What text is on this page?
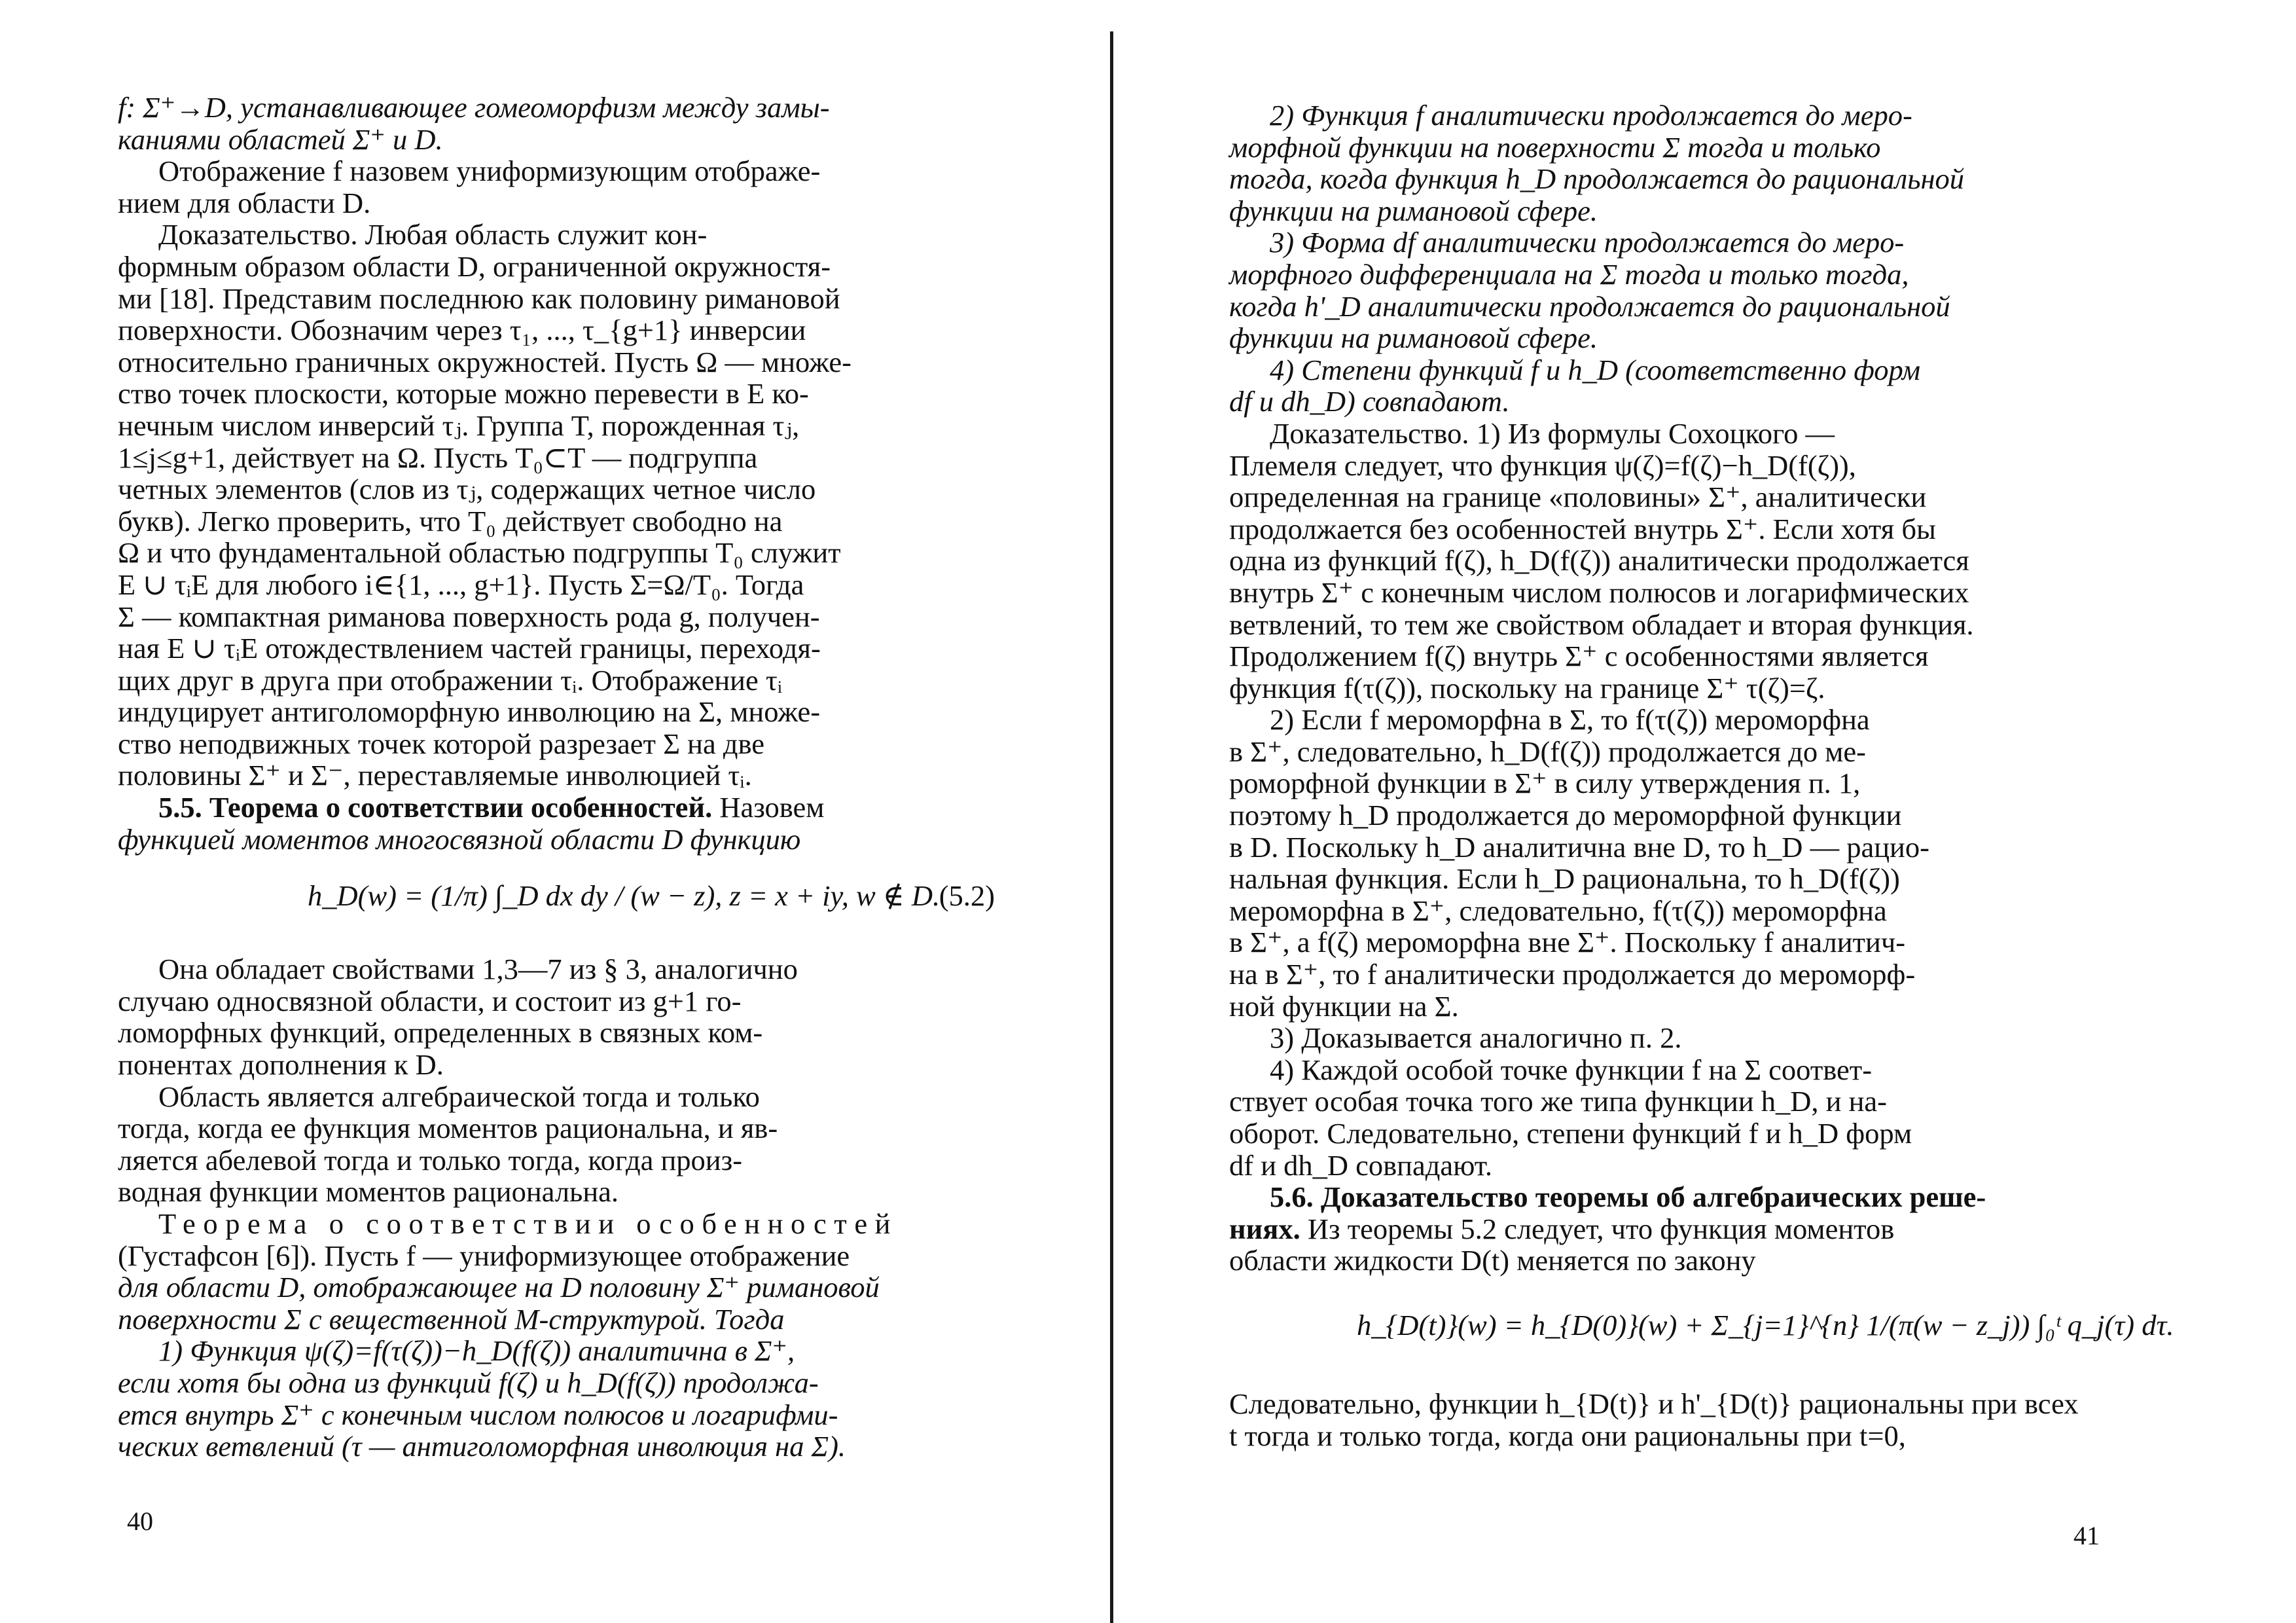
f: Σ⁺→D, устанавливающее гомеоморфизм между замы-
каниями областей Σ⁺ и D.
Отображение f назовем униформизующим отображе-
нием для области D.
Доказательство. Любая область служит кон-
формным образом области D, ограниченной окружностя-
ми [18]. Представим последнюю как половину римановой
поверхности. Обозначим через τ₁, ..., τ_{g+1} инверсии
относительно граничных окружностей. Пусть Ω — множе-
ство точек плоскости, которые можно перевести в E ко-
нечным числом инверсий τⱼ. Группа T, порожденная τⱼ,
1≤j≤g+1, действует на Ω. Пусть T₀⊂T — подгруппа
четных элементов (слов из τⱼ, содержащих четное число
букв). Легко проверить, что T₀ действует свободно на
Ω и что фундаментальной областью подгруппы T₀ служит
E ∪ τᵢE для любого i∈{1, ..., g+1}. Пусть Σ=Ω/T₀. Тогда
Σ — компактная риманова поверхность рода g, получен-
ная E ∪ τᵢE отождествлением частей границы, переходя-
щих друг в друга при отображении τᵢ. Отображение τᵢ
индуцирует антиголоморфную инволюцию на Σ, множе-
ство неподвижных точек которой разрезает Σ на две
половины Σ⁺ и Σ⁻, переставляемые инволюцией τᵢ.
5.5. Теорема о соответствии особенностей. Назовем
функцией моментов многосвязной области D функцию
h_D(w) = (1/π) ∫_D dx dy / (w − z), z = x + iy, w ∉ D.
(5.2)
Она обладает свойствами 1,3—7 из § 3, аналогично
случаю односвязной области, и состоит из g+1 го-
ломорфных функций, определенных в связных ком-
понентах дополнения к D.
Область является алгебраической тогда и только
тогда, когда ее функция моментов рациональна, и яв-
ляется абелевой тогда и только тогда, когда произ-
водная функции моментов рациональна.
Теорема о соответствии особенностей
(Густафсон [6]). Пусть f — униформизующее отображение
для области D, отображающее на D половину Σ⁺ римановой
поверхности Σ с вещественной M-структурой. Тогда
1) Функция ψ(ζ)=f(τ(ζ))−h_D(f(ζ)) аналитична в Σ⁺,
если хотя бы одна из функций f(ζ) и h_D(f(ζ)) продолжа-
ется внутрь Σ⁺ с конечным числом полюсов и логарифми-
ческих ветвлений (τ — антиголоморфная инволюция на Σ).
40
2) Функция f аналитически продолжается до меро-
морфной функции на поверхности Σ тогда и только
тогда, когда функция h_D продолжается до рациональной
функции на римановой сфере.
3) Форма df аналитически продолжается до меро-
морфного дифференциала на Σ тогда и только тогда,
когда h'_D аналитически продолжается до рациональной
функции на римановой сфере.
4) Степени функций f и h_D (соответственно форм
df и dh_D) совпадают.
Доказательство. 1) Из формулы Сохоцкого —
Племеля следует, что функция ψ(ζ)=f(ζ)−h_D(f(ζ)),
определенная на границе «половины» Σ⁺, аналитически
продолжается без особенностей внутрь Σ⁺. Если хотя бы
одна из функций f(ζ), h_D(f(ζ)) аналитически продолжается
внутрь Σ⁺ с конечным числом полюсов и логарифмических
ветвлений, то тем же свойством обладает и вторая функция.
Продолжением f(ζ) внутрь Σ⁺ с особенностями является
функция f(τ(ζ)), поскольку на границе Σ⁺ τ(ζ)=ζ.
2) Если f мероморфна в Σ, то f(τ(ζ)) мероморфна
в Σ⁺, следовательно, h_D(f(ζ)) продолжается до ме-
роморфной функции в Σ⁺ в силу утверждения п. 1,
поэтому h_D продолжается до мероморфной функции
в D. Поскольку h_D аналитична вне D, то h_D — рацио-
нальная функция. Если h_D рациональна, то h_D(f(ζ))
мероморфна в Σ⁺, следовательно, f(τ(ζ)) мероморфна
в Σ⁺, а f(ζ) мероморфна вне Σ⁺. Поскольку f аналитич-
на в Σ⁺, то f аналитически продолжается до мероморф-
ной функции на Σ.
3) Доказывается аналогично п. 2.
4) Каждой особой точке функции f на Σ соответ-
ствует особая точка того же типа функции h_D, и на-
оборот. Следовательно, степени функций f и h_D форм
df и dh_D совпадают.
5.6. Доказательство теоремы об алгебраических реше-
ниях. Из теоремы 5.2 следует, что функция моментов
области жидкости D(t) меняется по закону
h_{D(t)}(w) = h_{D(0)}(w) + Σ_{j=1}^{n} 1/(π(w − z_j)) ∫₀ᵗ q_j(τ) dτ.
Следовательно, функции h_{D(t)} и h'_{D(t)} рациональны при всех
t тогда и только тогда, когда они рациональны при t=0,
41
